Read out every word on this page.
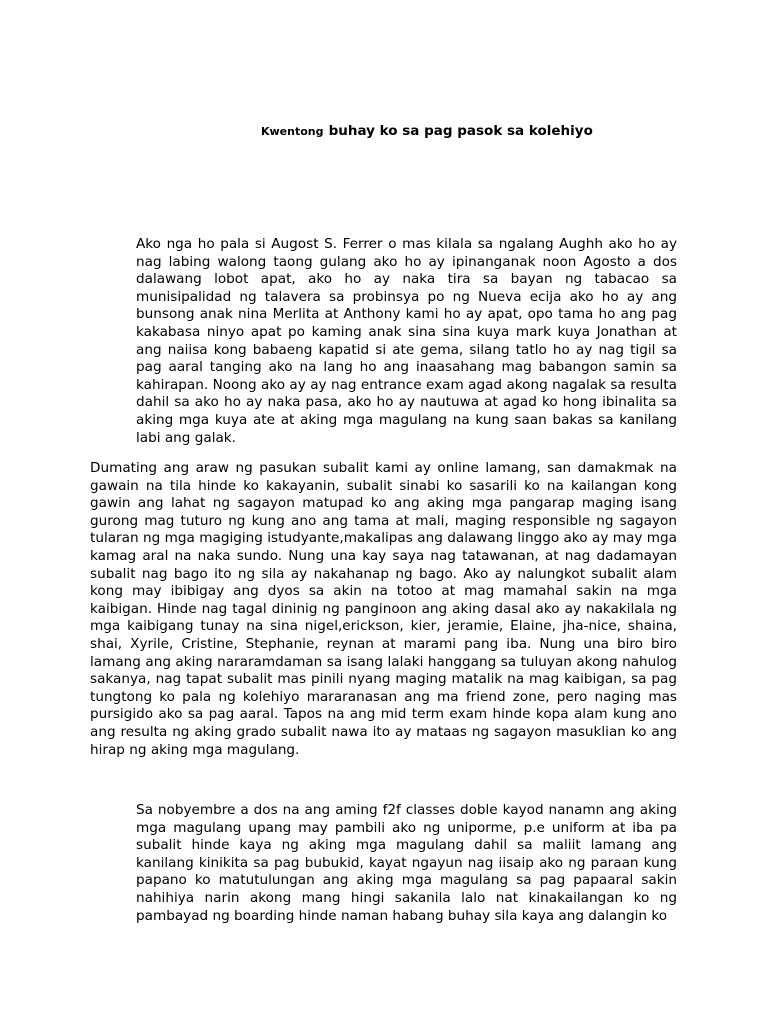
Kwentong buhay ko sa pag pasok sa kolehiyo

Ako nga ho pala si Augost S. Ferrer o mas kilala sa ngalang Aughh ako ho ay nag labing walong taong gulang ako ho ay ipinanganak noon Agosto a dos dalawang lobot apat, ako ho ay naka tira sa bayan ng tabacao sa munisipalidad ng talavera sa probinsya po ng Nueva ecija ako ho ay ang bunsong anak nina Merlita at Anthony kami ho ay apat, opo tama ho ang pag kakabasa ninyo apat po kaming anak sina sina kuya mark kuya Jonathan at ang naiisa kong babaeng kapatid si ate gema, silang tatlo ho ay nag tigil sa pag aaral tanging ako na lang ho ang inaasahang mag babangon samin sa kahirapan. Noong ako ay ay nag entrance exam agad akong nagalak sa resulta dahil sa ako ho ay naka pasa, ako ho ay nautuwa at agad ko hong ibinalita sa aking mga kuya ate at aking mga magulang na kung saan bakas sa kanilang labi ang galak.

Dumating ang araw ng pasukan subalit kami ay online lamang, san damakmak na gawain na tila hinde ko kakayanin, subalit sinabi ko sasarili ko na kailangan kong gawin ang lahat ng sagayon matupad ko ang aking mga pangarap maging isang gurong mag tuturo ng kung ano ang tama at mali, maging responsible ng sagayon tularan ng mga magiging istudyante,makalipas ang dalawang linggo ako ay may mga kamag aral na naka sundo. Nung una kay saya nag tatawanan, at nag dadamayan subalit nag bago ito ng sila ay nakahanap ng bago. Ako ay nalungkot subalit alam kong may ibibigay ang dyos sa akin na totoo at mag mamahal sakin na mga kaibigan. Hinde nag tagal dininig ng panginoon ang aking dasal ako ay nakakilala ng mga kaibigang tunay na sina nigel,erickson, kier, jeramie, Elaine, jha-nice, shaina, shai, Xyrile, Cristine, Stephanie, reynan at marami pang iba. Nung una biro biro lamang ang aking nararamdaman sa isang lalaki hanggang sa tuluyan akong nahulog sakanya, nag tapat subalit mas pinili nyang maging matalik na mag kaibigan, sa pag tungtong ko pala ng kolehiyo mararanasan ang ma friend zone, pero naging mas pursigido ako sa pag aaral. Tapos na ang mid term exam hinde kopa alam kung ano ang resulta ng aking grado subalit nawa ito ay mataas ng sagayon masuklian ko ang hirap ng aking mga magulang.

Sa nobyembre a dos na ang aming f2f classes doble kayod nanamn ang aking mga magulang upang may pambili ako ng uniporme, p.e uniform at iba pa subalit hinde kaya ng aking mga magulang dahil sa maliit lamang ang kanilang kinikita sa pag bubukid, kayat ngayun nag iisaip ako ng paraan kung papano ko matutulungan ang aking mga magulang sa pag papaaral sakin nahihiya narin akong mang hingi sakanila lalo nat kinakailangan ko ng pambayad ng boarding hinde naman habang buhay sila kaya ang dalangin ko
